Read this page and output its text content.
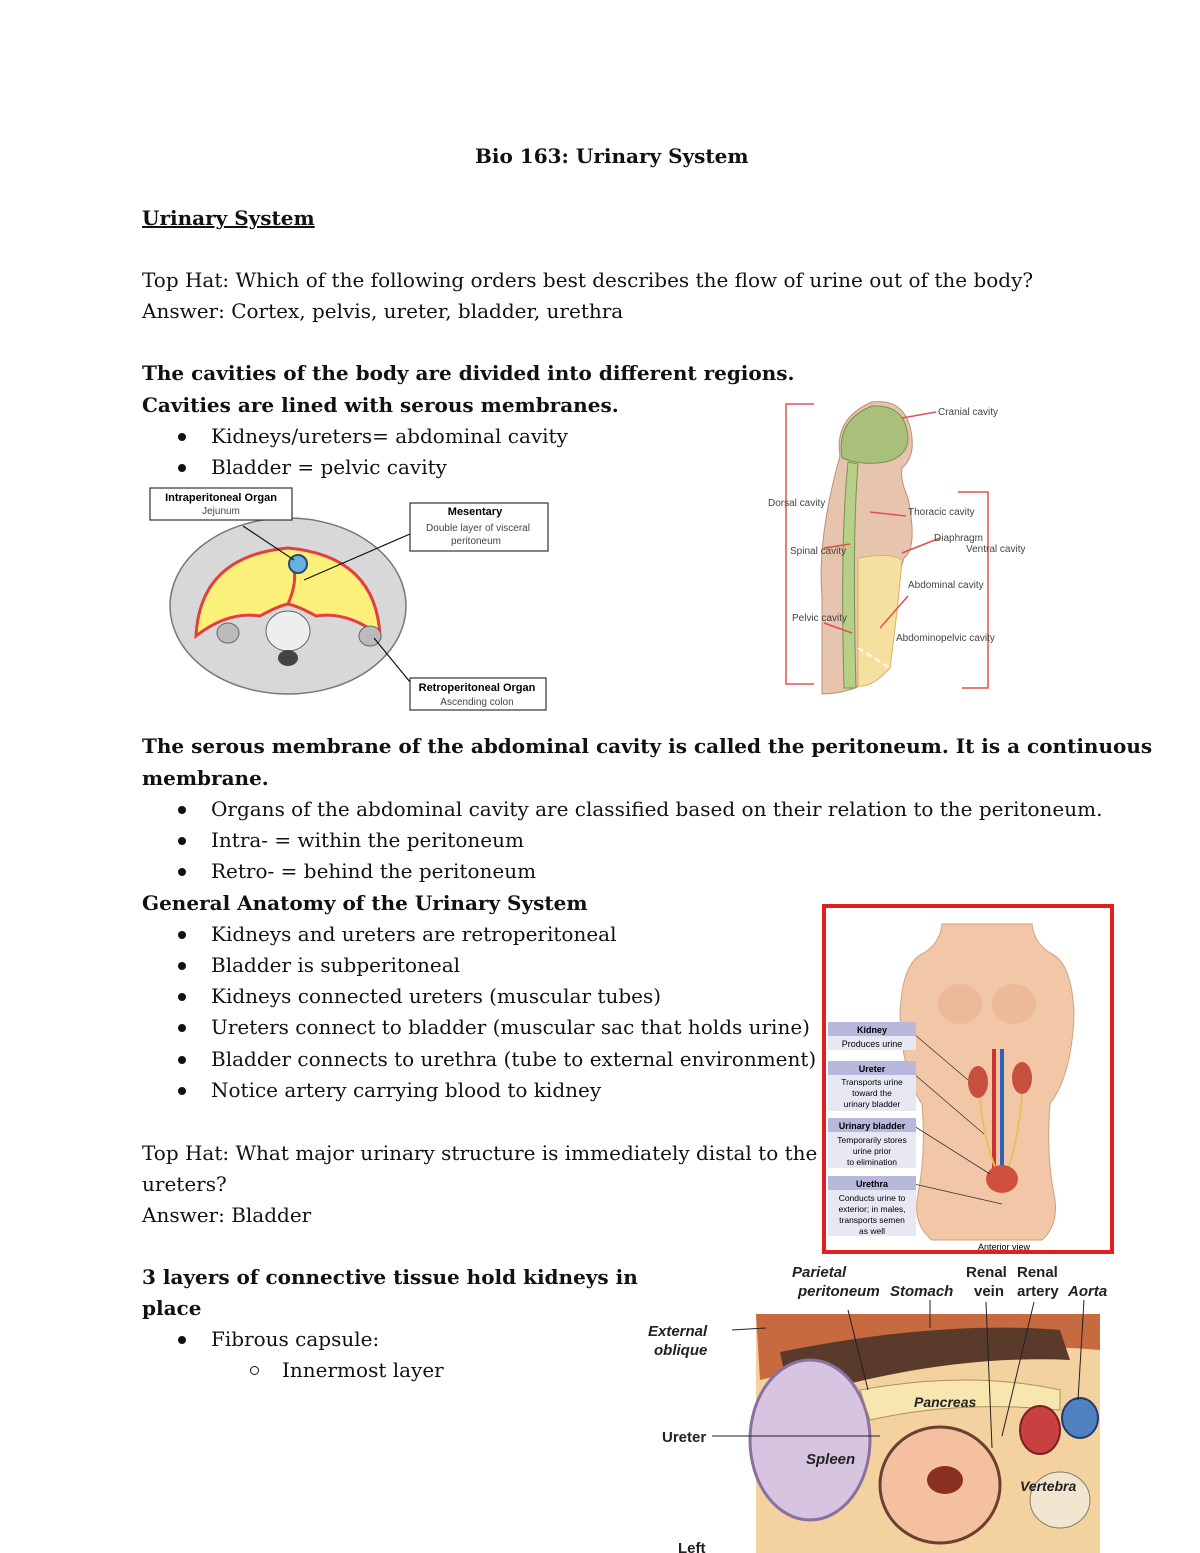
Bio 163: Urinary System
Urinary System
Top Hat: Which of the following orders best describes the flow of urine out of the body?
Answer: Cortex, pelvis, ureter, bladder, urethra
The cavities of the body are divided into different regions.
Cavities are lined with serous membranes.
Kidneys/ureters= abdominal cavity
Bladder = pelvic cavity
Intraperitoneal Organ
Jejunum	Mesentary
Double layer of visceral
peritoneum
Retroperitoneal Organ
Ascending colon
Cranial cavity
Dorsal cavity
Spinal cavity
Pelvic cavity
Thoracic cavity
Diaphragm
Ventral cavity
Abdominal cavity
Abdominopelvic cavity
The serous membrane of the abdominal cavity is called the peritoneum. It is a continuous
membrane.
Organs of the abdominal cavity are classified based on their relation to the peritoneum.
Intra- = within the peritoneum
Retro- = behind the peritoneum
General Anatomy of the Urinary System
Kidneys and ureters are retroperitoneal
Bladder is subperitoneal
Kidneys connected ureters (muscular tubes)
Ureters connect to bladder (muscular sac that holds urine)
Bladder connects to urethra (tube to external environment)
Notice artery carrying blood to kidney
Kidney
Produces urine
Ureter
Transports urine
toward the
urinary bladder
Urinary bladder
Temporarily stores
urine prior
to elimination
Urethra
Conducts urine to
exterior; in males,
transports semen
as well
Anterior view
Top Hat: What major urinary structure is immediately distal to the
ureters?
Answer: Bladder
3 layers of connective tissue hold kidneys in
place
Fibrous capsule:
Innermost layer
Parietal
peritoneum Stomach
Renal
vein
Renal
artery Aorta
External
oblique
Pancreas
Ureter
Spleen
Vertebra
Left
